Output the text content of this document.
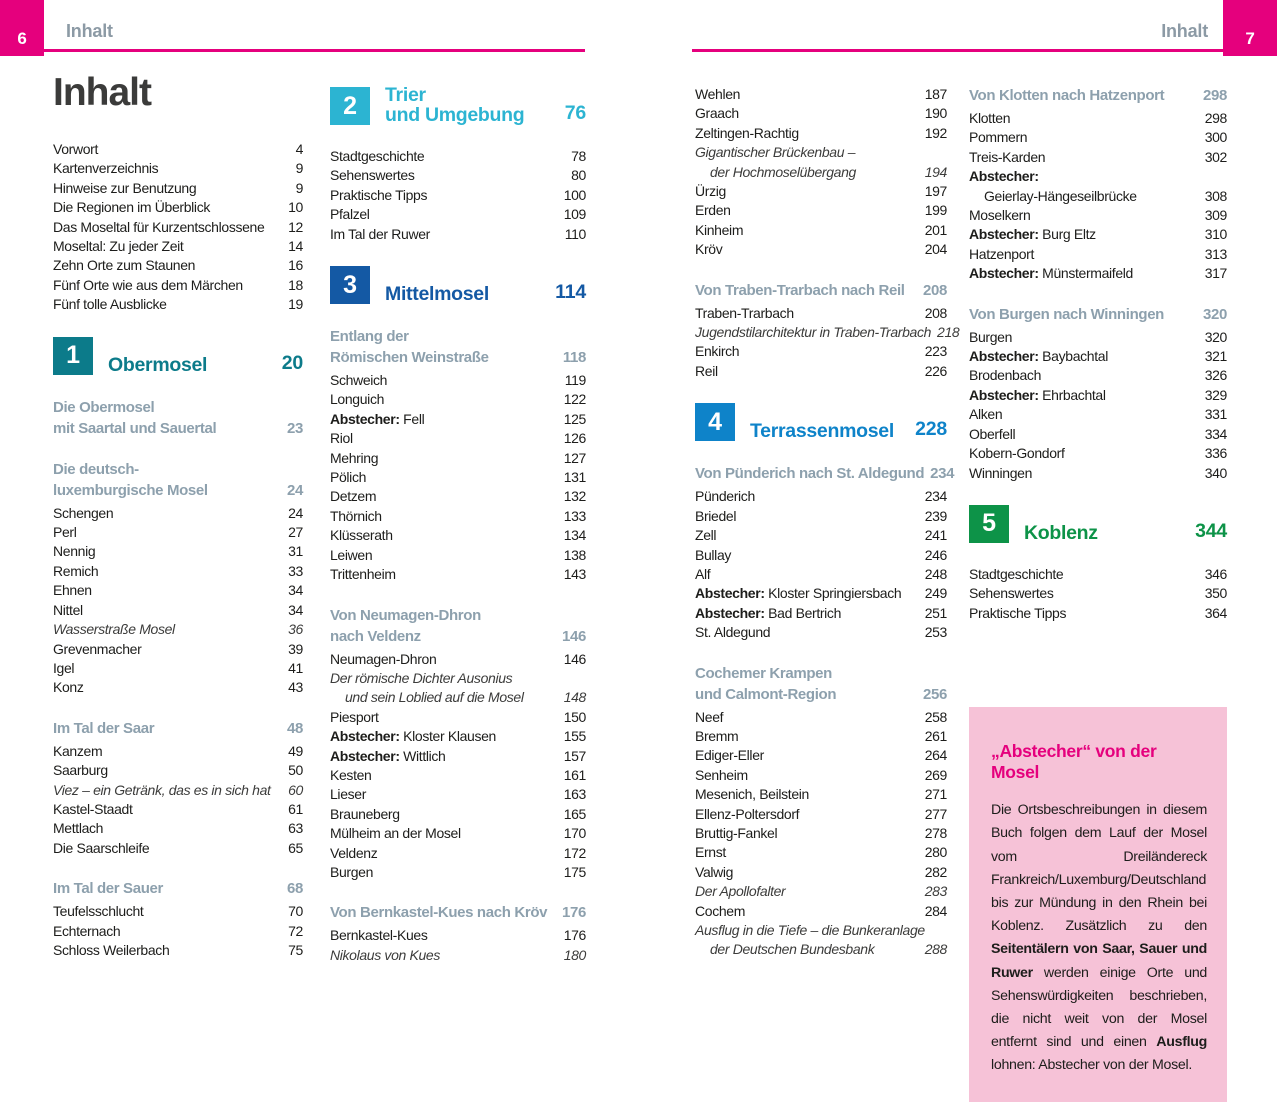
6	Inhalt
Inhalt
Vorwort	4
Kartenverzeichnis	9
Hinweise zur Benutzung	9
Die Regionen im Überblick	10
Das Moseltal für Kurzentschlossene 12
Moseltal: Zu jeder Zeit	14
Zehn Orte zum Staunen	16
Fünf Orte wie aus dem Märchen	18
Fünf tolle Ausblicke	19
1	Obermosel	20
Die Obermosel
mit Saartal und Sauertal	23
Die deutsch-
luxemburgische Mosel	24
Schengen	24
Perl	27
Nennig	31
Remich	33
Ehnen	34
Nittel	34
Wasserstraße Mosel	36
Grevenmacher	39
Igel	41
Konz	43
Im Tal der Saar	48
Kanzem	49
Saarburg	50
Viez – ein Getränk, das es in sich hat 60
Kastel-Staadt	61
Mettlach	63
Die Saarschleife	65
Im Tal der Sauer	68
Teufelsschlucht	70
Echternach	72
Schloss Weilerbach	75
2	Trier
und Umgebung 76
Stadtgeschichte	78
Sehenswertes	80
Praktische Tipps	100
Pfalzel	109
Im Tal der Ruwer	110
3	Mittelmosel	114
Entlang der
Römischen Weinstraße	118
Schweich	119
Longuich	122
Abstecher: Fell	125
Riol	126
Mehring	127
Pölich	131
Detzem	132
Thörnich	133
Klüsserath	134
Leiwen	138
Trittenheim	143
Von Neumagen-Dhron
nach Veldenz	146
Neumagen-Dhron	146
Der römische Dichter Ausonius
und sein Loblied auf die Mosel	148
Piesport	150
Abstecher: Kloster Klausen	155
Abstecher: Wittlich	157
Kesten	161
Lieser	163
Brauneberg	165
Mülheim an der Mosel	170
Veldenz	172
Burgen	175
Von Bernkastel-Kues nach Kröv 176
Bernkastel-Kues	176
Nikolaus von Kues	180
7
Inhalt
Wehlen	187
Graach	190
Zeltingen-Rachtig	192
Gigantischer Brückenbau –
der Hochmoselübergang	194
Ürzig	197
Erden	199
Kinheim	201
Kröv	204
Von Traben-Trarbach nach Reil 208
Traben-Trarbach	208
Jugendstilarchitektur in Traben-Trarbach 218
Enkirch	223
Reil	226
4	Terrassenmosel 228
Von Pünderich nach St. Aldegund 234
Pünderich	234
Briedel	239
Zell	241
Bullay	246
Alf	248
Abstecher: Kloster Springiersbach 249
Abstecher: Bad Bertrich	251
St. Aldegund	253
Cochemer Krampen
und Calmont-Region	256
Neef	258
Bremm	261
Ediger-Eller	264
Senheim	269
Mesenich, Beilstein	271
Ellenz-Poltersdorf	277
Bruttig-Fankel	278
Ernst	280
Valwig	282
Der Apollofalter	283
Cochem	284
Ausflug in die Tiefe – die Bunkeranlage
der Deutschen Bundesbank	288
Von Klotten nach Hatzenport	298
Klotten	298
Pommern	300
Treis-Karden	302
Abstecher:
Geierlay-Hängeseilbrücke	308
Moselkern	309
Abstecher: Burg Eltz	310
Hatzenport	313
Abstecher: Münstermaifeld	317
Von Burgen nach Winningen	320
Burgen	320
Abstecher: Baybachtal	321
Brodenbach	326
Abstecher: Ehrbachtal	329
Alken	331
Oberfell	334
Kobern-Gondorf	336
Winningen	340
5	Koblenz	344
Stadtgeschichte	346
Sehenswertes	350
Praktische Tipps	364
„Abstecher“ von der Mosel

Die Ortsbeschreibungen in diesem Buch folgen dem Lauf der Mosel vom Dreiländereck Frankreich/Luxemburg/Deutschland bis zur Mündung in den Rhein bei Koblenz. Zusätzlich zu den Seitentälern von Saar, Sauer und Ruwer werden einige Orte und Sehenswürdigkeiten beschrieben, die nicht weit von der Mosel entfernt sind und einen Ausflug lohnen: Abstecher von der Mosel.
